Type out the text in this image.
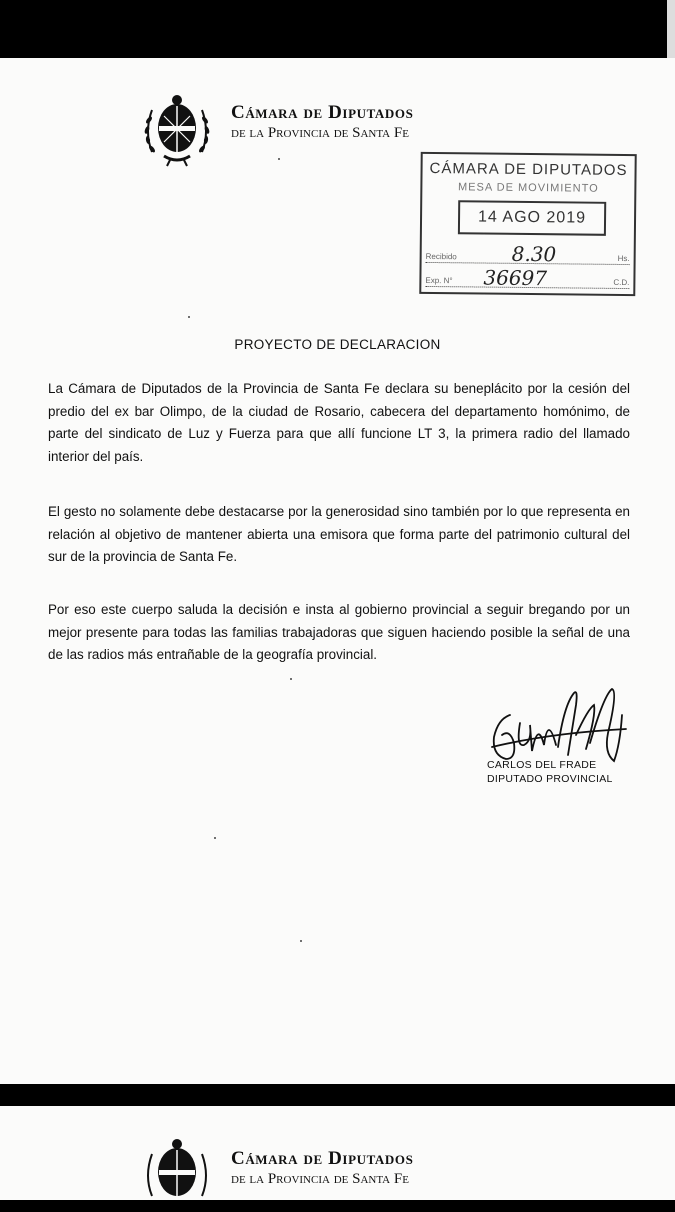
Cámara de Diputados
de la Provincia de Santa Fe
CÁMARA DE DIPUTADOS
MESA DE MOVIMIENTO
14 AGO 2019
Recibido	8.30	Hs.
Exp. N° 36697	C.D.
PROYECTO DE DECLARACION
La Cámara de Diputados de la Provincia de Santa Fe declara su beneplácito por la cesión del predio del ex bar Olimpo, de la ciudad de Rosario, cabecera del departamento homónimo, de parte del sindicato de Luz y Fuerza para que allí funcione LT 3, la primera radio del llamado interior del país.
El gesto no solamente debe destacarse por la generosidad sino también por lo que representa en relación al objetivo de mantener abierta una emisora que forma parte del patrimonio cultural del sur de la provincia de Santa Fe.
Por eso este cuerpo saluda la decisión e insta al gobierno provincial a seguir bregando por un mejor presente para todas las familias trabajadoras que siguen haciendo posible la señal de una de las radios más entrañable de la geografía provincial.
CARLOS DEL FRADE
DIPUTADO PROVINCIAL
Cámara de Diputados
de la Provincia de Santa Fe
